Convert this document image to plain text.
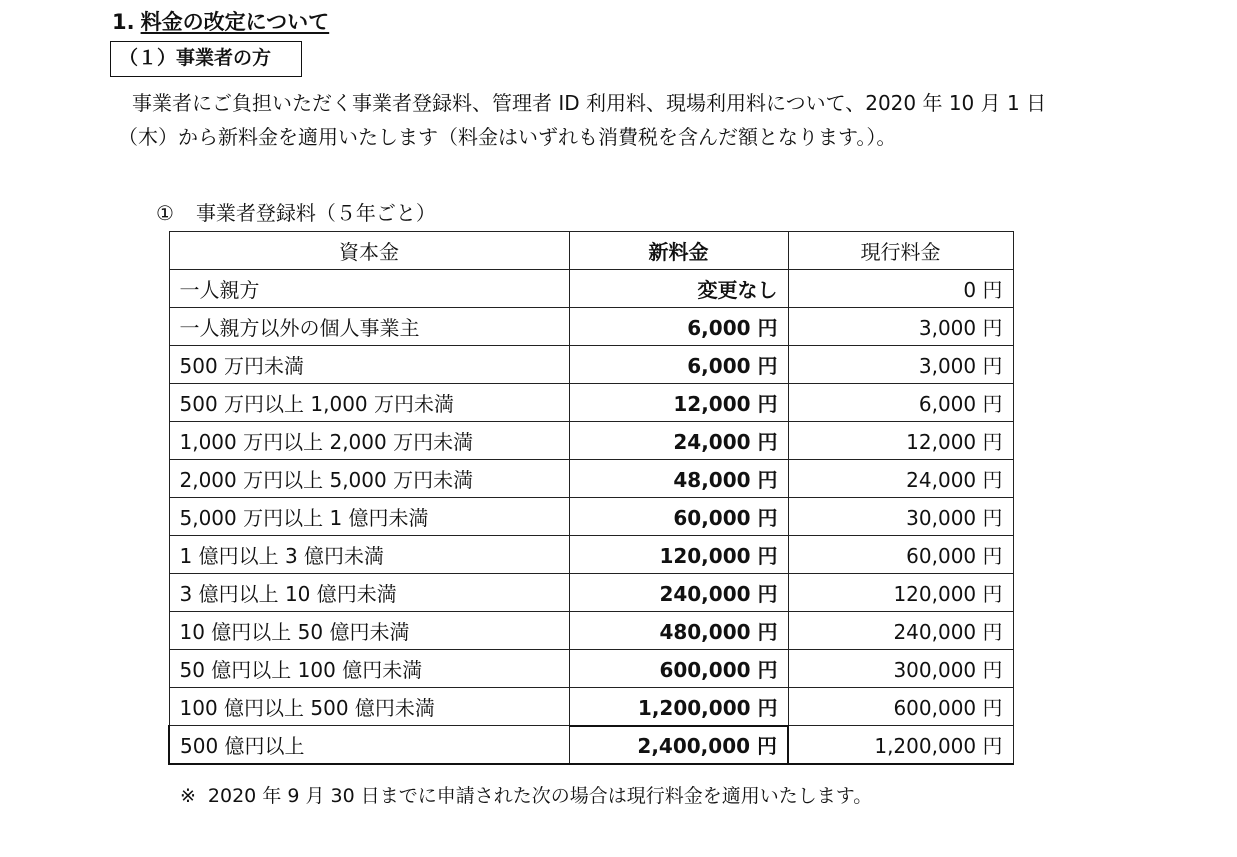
1. 料金の改定について
（１）事業者の方

事業者にご負担いただく事業者登録料、管理者 ID 利用料、現場利用料について、2020 年 10 月 1 日

（木）から新料金を適用いたします（料金はいずれも消費税を含んだ額となります。）。

① 事業者登録料（５年ごと）
資本金	新料金	現行料金
一人親方	変更なし	0 円
一人親方以外の個人事業主	6,000 円	3,000 円
500 万円未満	6,000 円	3,000 円
500 万円以上 1,000 万円未満	12,000 円	6,000 円
1,000 万円以上 2,000 万円未満	24,000 円	12,000 円
2,000 万円以上 5,000 万円未満	48,000 円	24,000 円
5,000 万円以上 1 億円未満	60,000 円	30,000 円
1 億円以上 3 億円未満	120,000 円	60,000 円
3 億円以上 10 億円未満	240,000 円	120,000 円
10 億円以上 50 億円未満	480,000 円	240,000 円
50 億円以上 100 億円未満	600,000 円	300,000 円
100 億円以上 500 億円未満	1,200,000 円	600,000 円
500 億円以上	2,400,000 円	1,200,000 円
※ 2020 年 9 月 30 日までに申請された次の場合は現行料金を適用いたします。
